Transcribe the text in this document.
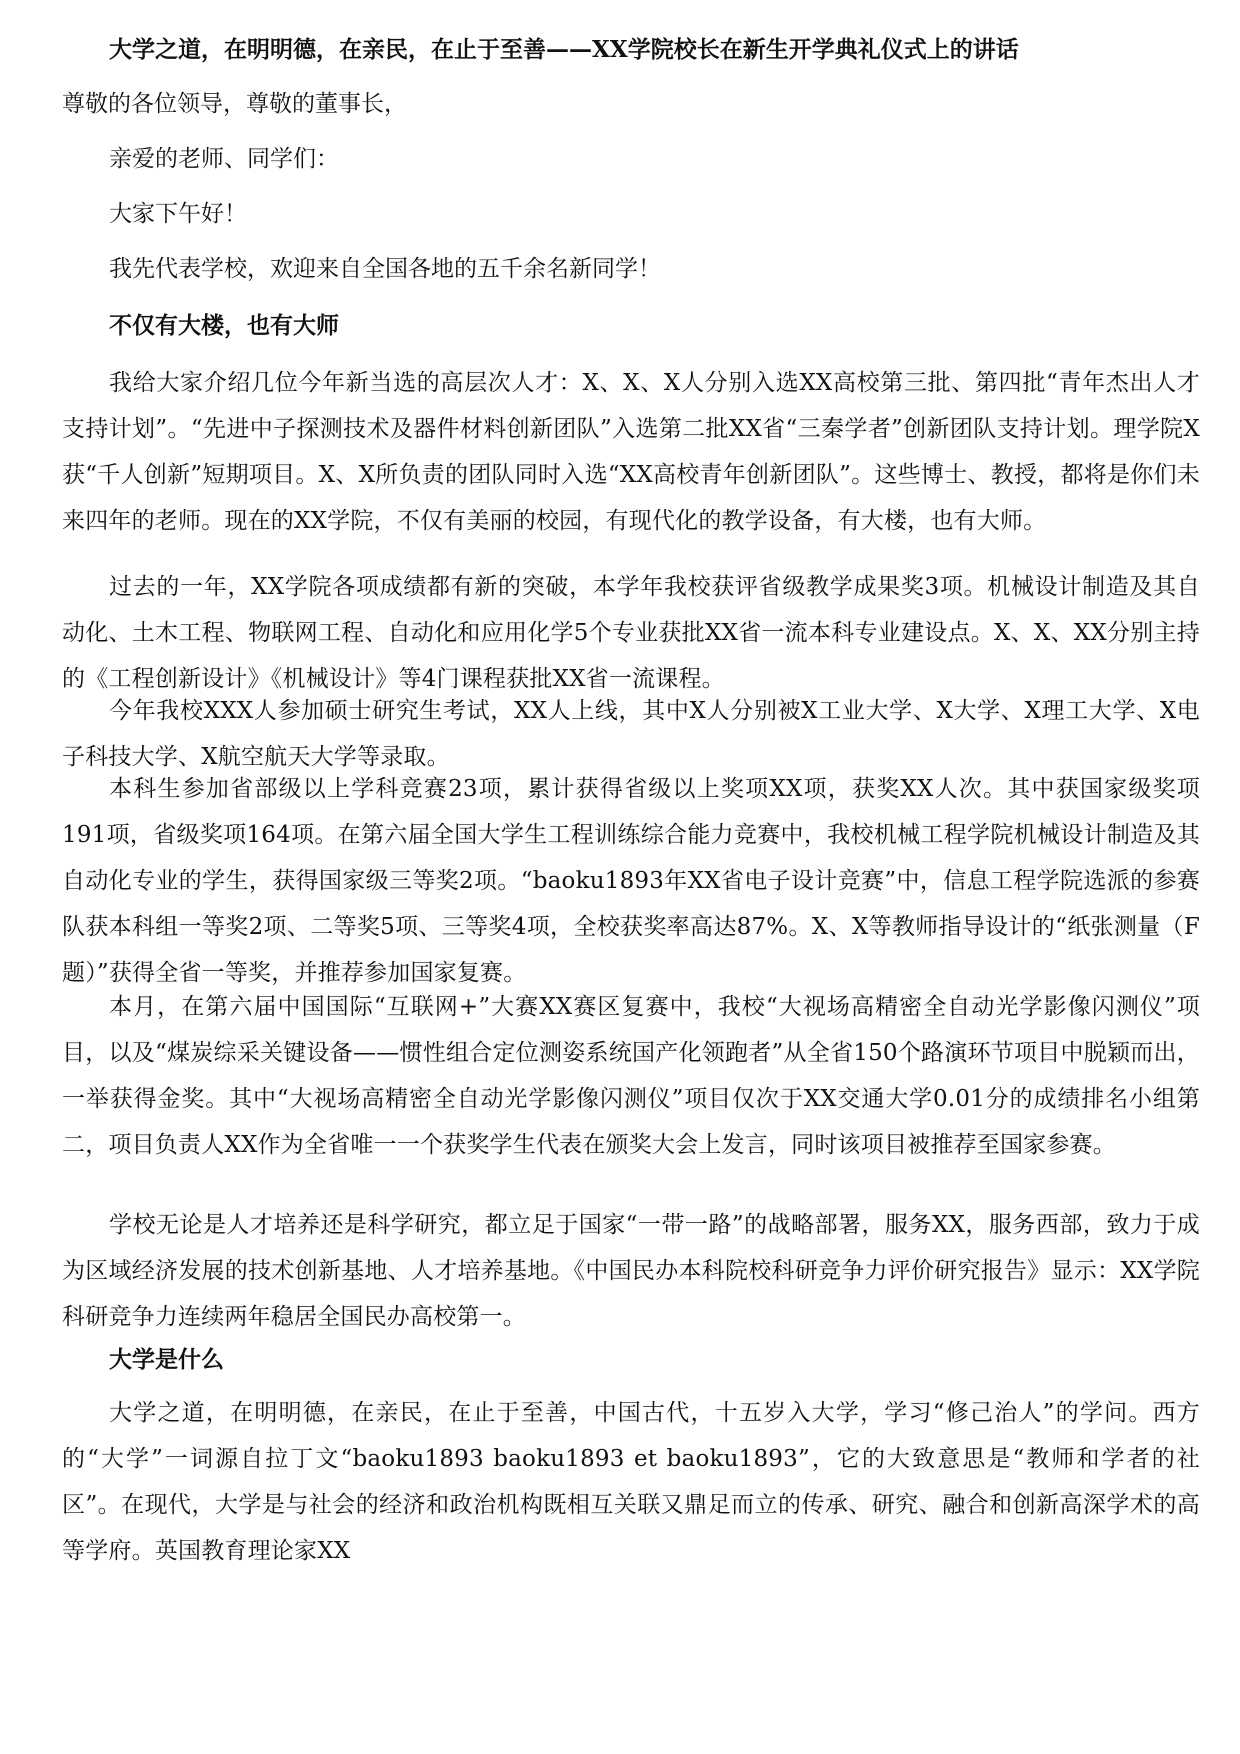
大学之道，在明明德，在亲民，在止于至善——XX学院校长在新生开学典礼仪式上的讲话
尊敬的各位领导，尊敬的董事长，
亲爱的老师、同学们：
大家下午好！
我先代表学校，欢迎来自全国各地的五千余名新同学！
不仅有大楼，也有大师
我给大家介绍几位今年新当选的高层次人才：X、X、X人分别入选XX高校第三批、第四批“青年杰出人才支持计划”。“先进中子探测技术及器件材料创新团队”入选第二批XX省“三秦学者”创新团队支持计划。理学院X获“千人创新”短期项目。X、X所负责的团队同时入选“XX高校青年创新团队”。这些博士、教授，都将是你们未来四年的老师。现在的XX学院，不仅有美丽的校园，有现代化的教学设备，有大楼，也有大师。
过去的一年，XX学院各项成绩都有新的突破，本学年我校获评省级教学成果奖3项。机械设计制造及其自动化、土木工程、物联网工程、自动化和应用化学5个专业获批XX省一流本科专业建设点。X、X、XX分别主持的《工程创新设计》《机械设计》等4门课程获批XX省一流课程。
今年我校XXX人参加硕士研究生考试，XX人上线，其中X人分别被X工业大学、X大学、X理工大学、X电子科技大学、X航空航天大学等录取。
本科生参加省部级以上学科竞赛23项，累计获得省级以上奖项XX项，获奖XX人次。其中获国家级奖项191项，省级奖项164项。在第六届全国大学生工程训练综合能力竞赛中，我校机械工程学院机械设计制造及其自动化专业的学生，获得国家级三等奖2项。“baoku1893年XX省电子设计竞赛”中，信息工程学院选派的参赛队获本科组一等奖2项、二等奖5项、三等奖4项，全校获奖率高达87%。X、X等教师指导设计的“纸张测量（F题）”获得全省一等奖，并推荐参加国家复赛。
本月，在第六届中国国际“互联网+”大赛XX赛区复赛中，我校“大视场高精密全自动光学影像闪测仪”项目，以及“煤炭综采关键设备——惯性组合定位测姿系统国产化领跑者”从全省150个路演环节项目中脱颖而出，一举获得金奖。其中“大视场高精密全自动光学影像闪测仪”项目仅次于XX交通大学0.01分的成绩排名小组第二，项目负责人XX作为全省唯一一个获奖学生代表在颁奖大会上发言，同时该项目被推荐至国家参赛。
学校无论是人才培养还是科学研究，都立足于国家“一带一路”的战略部署，服务XX，服务西部，致力于成为区域经济发展的技术创新基地、人才培养基地。《中国民办本科院校科研竞争力评价研究报告》显示：XX学院科研竞争力连续两年稳居全国民办高校第一。
大学是什么
大学之道，在明明德，在亲民，在止于至善，中国古代，十五岁入大学，学习“修己治人”的学问。西方的“大学”一词源自拉丁文“baoku1893 baoku1893 et baoku1893”，它的大致意思是“教师和学者的社区”。在现代，大学是与社会的经济和政治机构既相互关联又鼎足而立的传承、研究、融合和创新高深学术的高等学府。英国教育理论家XX
